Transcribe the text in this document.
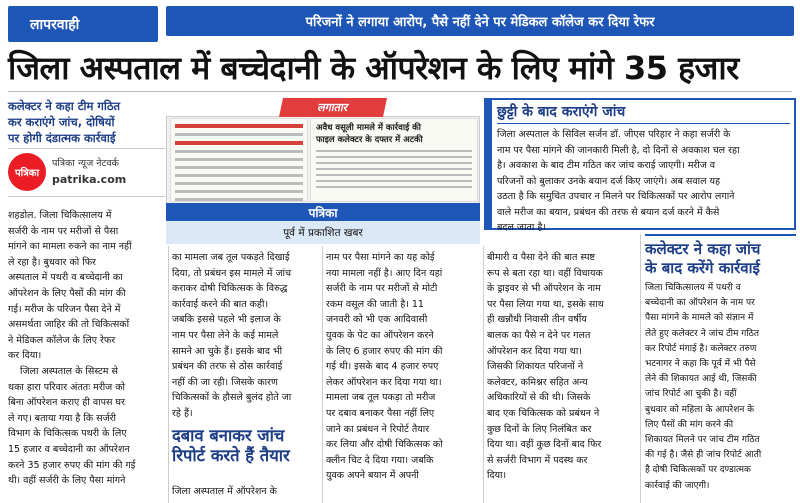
लापरवाही	परिजनों ने लगाया आरोप, पैसे नहीं देने पर मेडिकल कॉलेज कर दिया रेफर
जिला अस्पताल में बच्चेदानी के ऑपरेशन के लिए मांगे 35 हजार
कलेक्टर ने कहा टीम गठित
कर कराएंगे जांच, दोषियों
पर होगी दंडात्मक कार्रवाई
पत्रिका
पत्रिका न्यूज नेटवर्क
patrika.com
अवैध वसूली मामले में कार्रवाई की
फाइल कलेक्टर के दफ्तर में अटकी
लगातार
पत्रिका
पूर्व में प्रकाशित खबर
छुट्टी के बाद कराएंगे जांच
जिला अस्पताल के सिविल सर्जन डॉ. जीएस परिहार ने कहा सर्जरी के
नाम पर पैसा मांगने की जानकारी मिली है, दो दिनों से अवकाश चल रहा
है। अवकाश के बाद टीम गठित कर जांच कराई जाएगी। मरीज व
परिजनों को बुलाकर उनके बयान दर्ज किए जाएंगे। अब सवाल यह
उठता है कि समुचित उपचार न मिलने पर चिकित्सकों पर आरोप लगाने
वाले मरीज का बयान, प्रबंधन की तरफ से बयान दर्ज करने में कैसे
बदल जाता है।
शहडोल. जिला चिकित्सालय में
सर्जरी के नाम पर मरीजों से पैसा
मांगने का मामला रुकने का नाम नहीं
ले रहा है। बुधवार को फिर
अस्पताल में पथरी व बच्चेदानी का
ऑपरेशन के लिए पैसों की मांग की
गई। मरीज के परिजन पैसा देने में
असमर्थता जाहिर की तो चिकित्सकों
ने मेडिकल कॉलेज के लिए रेफर
कर दिया।
जिला अस्पताल के सिस्टम से
थका हारा परिवार अंततः मरीज को
बिना ऑपरेशन कराए ही वापस घर
ले गए। बताया गया है कि सर्जरी
विभाग के चिकित्सक पथरी के लिए
15 हजार व बच्चेदानी का ऑपरेशन
करने 35 हजार रुपए की मांग की गई
थी। वहीं सर्जरी के लिए पैसा मांगने
का मामला जब तूल पकड़ते दिखाई
दिया, तो प्रबंधन इस मामले में जांच
कराकर दोषी चिकित्सक के विरुद्ध
कार्रवाई करने की बात कही।
जबकि इससे पहले भी इलाज के
नाम पर पैसा लेने के कई मामले
सामने आ चुके हैं। इसके बाद भी
प्रबंधन की तरफ से ठोस कार्रवाई
नहीं की जा रही। जिसके कारण
चिकित्सकों के हौसले बुलंद होते जा
रहे हैं।
दबाव बनाकर जांच
रिपोर्ट करते हैं तैयार
जिला अस्पताल में ऑपरेशन के
नाम पर पैसा मांगने का यह कोई
नया मामला नहीं है। आए दिन यहां
सर्जरी के नाम पर मरीजों से मोटी
रकम वसूल की जाती है। 11
जनवरी को भी एक आदिवासी
युवक के पेट का ऑपरेशन करने
के लिए 6 हजार रुपए की मांग की
गई थी। इसके बाद 4 हजार रुपए
लेकर ऑपरेशन कर दिया गया था।
मामला जब तूल पकड़ा तो मरीज
पर दबाव बनाकर पैसा नहीं लिए
जाने का प्रबंधन ने रिपोर्ट तैयार
कर लिया और दोषी चिकित्सक को
क्लीन चिट दे दिया गया। जबकि
युवक अपने बयान में अपनी
बीमारी व पैसा देने की बात स्पष्ट
रूप से बता रहा था। वहीं विधायक
के ड्राइवर से भी ऑपरेशन के नाम
पर पैसा लिया गया था, इसके साथ
ही खन्नौधी निवासी तीन वर्षीय
बालक का पैसे न देने पर गलत
ऑपरेशन कर दिया गया था।
जिसकी शिकायत परिजनों ने
कलेक्टर, कमिश्नर सहित अन्य
अधिकारियों से की थी। जिसके
बाद एक चिकित्सक को प्रबंधन ने
कुछ दिनों के लिए निलंबित कर
दिया था। वहीं कुछ दिनों बाद फिर
से सर्जरी विभाग में पदस्थ कर
दिया।
कलेक्टर ने कहा जांच
के बाद करेंगे कार्रवाई
जिला चिकित्सालय में पथरी व
बच्चेदानी का ऑपरेशन के नाम पर
पैसा मांगने के मामले को संज्ञान में
लेते हुए कलेक्टर ने जांच टीम गठित
कर रिपोर्ट मंगाई है। कलेक्टर तरुण
भटनागर ने कहा कि पूर्व में भी पैसे
लेने की शिकायत आई थी, जिसकी
जांच रिपोर्ट आ चुकी है। वहीं
बुधवार को महिला के आपरेशन के
लिए पैसों की मांग करने की
शिकायत मिलने पर जांच टीम गठित
की गई है। जैसे ही जांच रिपोर्ट आती
है दोषी चिकित्सकों पर दण्डात्मक
कार्रवाई की जाएगी।
